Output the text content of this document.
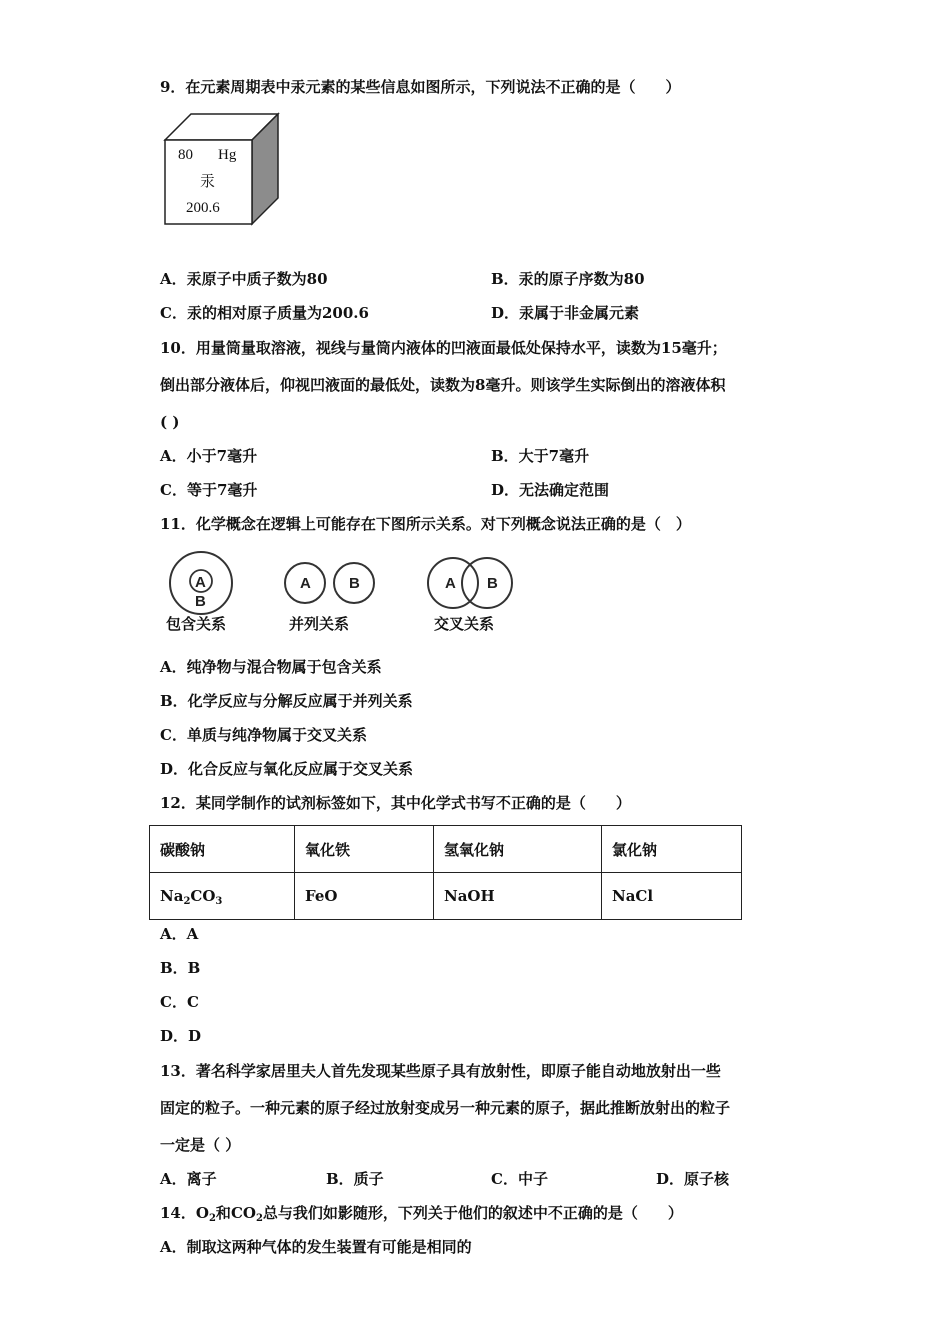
9．在元素周期表中汞元素的某些信息如图所示，下列说法不正确的是（　　）
80 Hg
汞
200.6
A．汞原子中质子数为80	B．汞的原子序数为80
C．汞的相对原子质量为200.6	D．汞属于非金属元素
10．用量筒量取溶液，视线与量筒内液体的凹液面最低处保持水平，读数为15毫升；
倒出部分液体后，仰视凹液面的最低处，读数为8毫升。则该学生实际倒出的溶液体积
( )
A．小于7毫升	B．大于7毫升
C．等于7毫升	D．无法确定范围
11．化学概念在逻辑上可能存在下图所示关系。对下列概念说法正确的是（　）
A
B
A	B	A B
包含关系	并列关系	交叉关系
A．纯净物与混合物属于包含关系
B．化学反应与分解反应属于并列关系
C．单质与纯净物属于交叉关系
D．化合反应与氧化反应属于交叉关系
12．某同学制作的试剂标签如下，其中化学式书写不正确的是（　　）
碳酸钠	氧化铁	氢氧化钠	氯化钠
$Na_2CO_3$	FeO	NaOH	NaCl
A．A
B．B
C．C
D．D
13．著名科学家居里夫人首先发现某些原子具有放射性，即原子能自动地放射出一些
固定的粒子。一种元素的原子经过放射变成另一种元素的原子，据此推断放射出的粒子
一定是（ ）
A．离子	B．质子	C．中子	D．原子核
14．$O_2$和$CO_2$总与我们如影随形，下列关于他们的叙述中不正确的是（　　）
A．制取这两种气体的发生装置有可能是相同的
